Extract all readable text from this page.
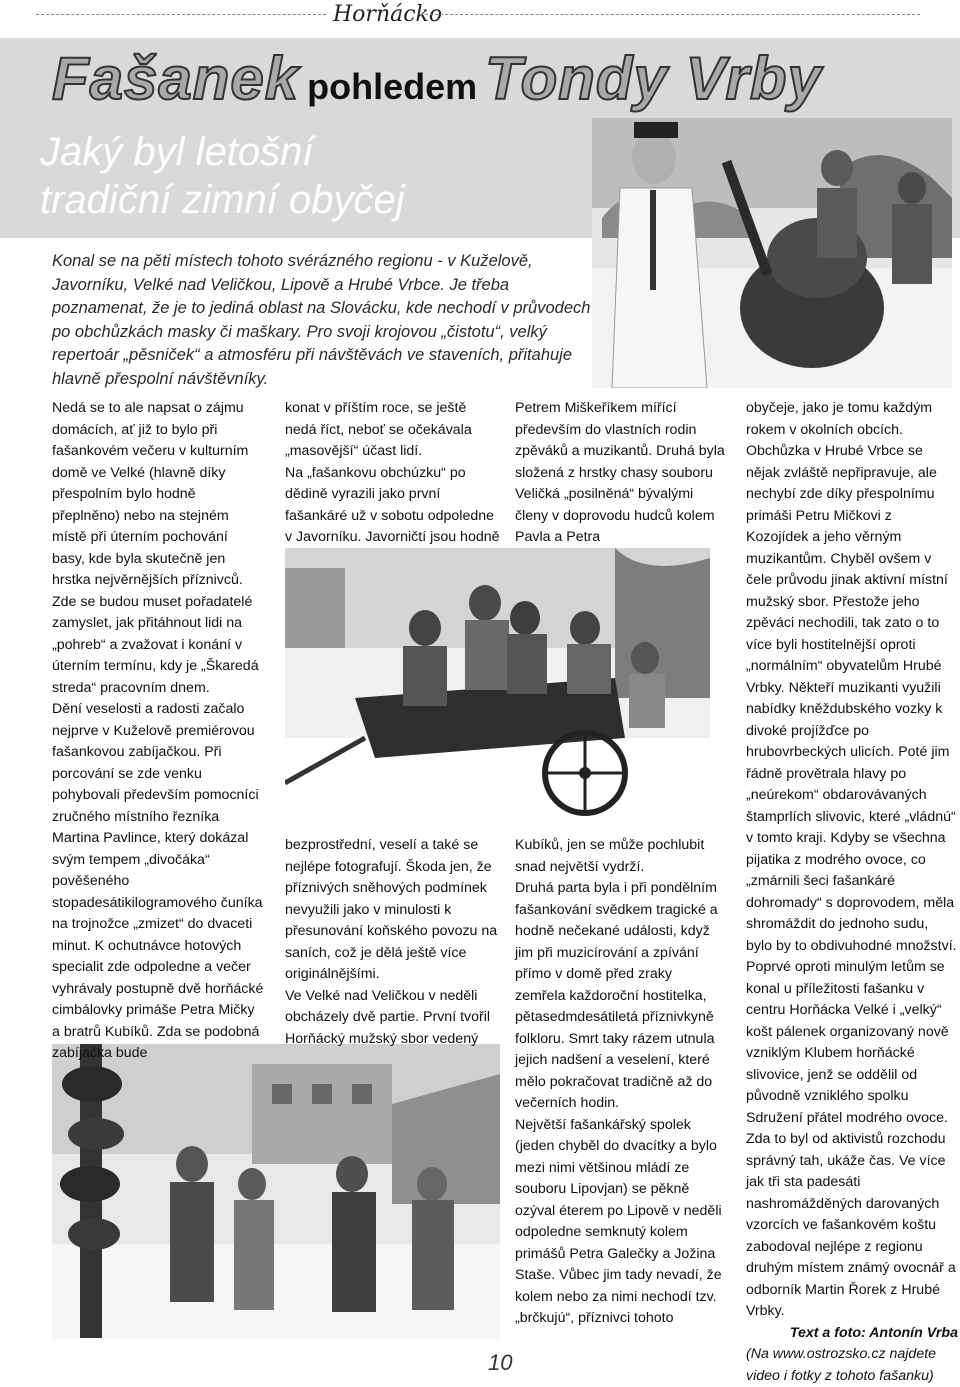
Horňácko
Fašanek pohledem Tondy Vrby
Jaký byl letošní
tradiční zimní obyčej
Konal se na pěti místech tohoto svérázného regionu - v Kuželově, Javorníku, Velké nad Veličkou, Lipově a Hrubé Vrbce. Je třeba poznamenat, že je to jediná oblast na Slovácku, kde nechodí v průvodech po obchůzkách masky či maškary. Pro svoji krojovou „čistotu“, velký repertoár „pěsniček“ a atmosféru při návštěvách ve staveních, přitahuje hlavně přespolní návštěvníky.

Nedá se to ale napsat o zájmu domácích, ať již to bylo při fašankovém večeru v kulturním domě ve Velké (hlavně díky přespolním bylo hodně přeplněno) nebo na stejném místě při úterním pochování basy, kde byla skutečně jen hrstka nejvěrnějších příznivců.

Zde se budou muset pořadatelé zamyslet, jak přitáhnout lidi na „pohreb“ a zvažovat i konání v úterním termínu, kdy je „Škaredá streda“ pracovním dnem.

Dění veselosti a radosti začalo nejprve v Kuželově premiérovou fašankovou zabíjačkou. Při porcování se zde venku pohybovali především pomocníci zručného místního řezníka Martina Pavlince, který dokázal svým tempem „divočáka“ pověšeného stopadesátikilogramového čuníka na trojnožce „zmizet“ do dvaceti minut. K ochutnávce hotových specialit zde odpoledne a večer vyhrávaly postupně dvě horňácké cimbálovky primáše Petra Mičky a bratrů Kubíků. Zda se podobná zabíjačka bude

konat v příštím roce, se ještě nedá říct, neboť se očekávala „masovější“ účast lidí.

Na „fašankovu obchúzku“ po dědině vyrazili jako první fašankáré už v sobotu odpoledne v Javorníku. Javorničtí jsou hodně

bezprostřední, veselí a také se nejlépe fotografují. Škoda jen, že příznivých sněhových podmínek nevyužili jako v minulosti k přesunování koňského povozu na saních, což je dělá ještě více originálnějšími.

Ve Velké nad Veličkou v neděli obcházely dvě partie. První tvořil Horňácký mužský sbor vedený

Petrem Miškeříkem mířící především do vlastních rodin zpěváků a muzikantů. Druhá byla složená z hrstky chasy souboru Veličká „posilněná“ bývalými členy v doprovodu hudců kolem Pavla a Petra

Kubíků, jen se může pochlubit snad největší vydrží.

Druhá parta byla i při pondělním fašankování svědkem tragické a hodně nečekané události, když jim při muzicírování a zpívání přímo v domě před zraky zemřela každoroční hostitelka, pětasedmdesátiletá příznivkyně folkloru. Smrt taky rázem utnula jejich nadšení a veselení, které mělo pokračovat tradičně až do večerních hodin.

Největší fašankářský spolek (jeden chyběl do dvacítky a bylo mezi nimi většinou mládí ze souboru Lipovjan) se pěkně ozýval éterem po Lipově v neděli odpoledne semknutý kolem primášů Petra Galečky a Jožina Staše. Vůbec jim tady nevadí, že kolem nebo za nimi nechodí tzv.„brčkujú“, příznivci tohoto

obyčeje, jako je tomu každým rokem v okolních obcích.

Obchůzka v Hrubé Vrbce se nějak zvláště nepřipravuje, ale nechybí zde díky přespolnímu primáši Petru Mičkovi z Kozojídek a jeho věrným muzikantům. Chyběl ovšem v čele průvodu jinak aktivní místní mužský sbor. Přestože jeho zpěváci nechodili, tak zato o to více byli hostitelnější oproti „normálním“ obyvatelům Hrubé Vrbky. Někteří muzikanti využili nabídky kněždubského vozky k divoké projížďce po hrubovrbeckých ulicích. Poté jim řádně provětrala hlavy po „neúrekom“ obdarovávaných štamprlích slivovic, které „vládnú“ v tomto kraji. Kdyby se všechna pijatika z modrého ovoce, co „zmárnili šeci fašankáré dohromady“ s doprovodem, měla shromáždit do jednoho sudu, bylo by to obdivuhodné množství.

Poprvé oproti minulým letům se konal u příležitosti fašanku v centru Horňácka Velké i „velký“ košt pálenek organizovaný nově vzniklým Klubem horňácké slivovice, jenž se oddělil od původně vzniklého spolku Sdružení přátel modrého ovoce. Zda to byl od aktivistů rozchodu správný tah, ukáže čas. Ve více jak tři sta padesáti nashromážděných darovaných vzorcích ve fašankovém koštu zabodoval nejlépe z regionu druhým místem známý ovocnář a odborník Martin Řorek z Hrubé Vrbky.

Text a foto: Antonín Vrba

(Na www.ostrozsko.cz najdete video i fotky z tohoto fašanku)

10
